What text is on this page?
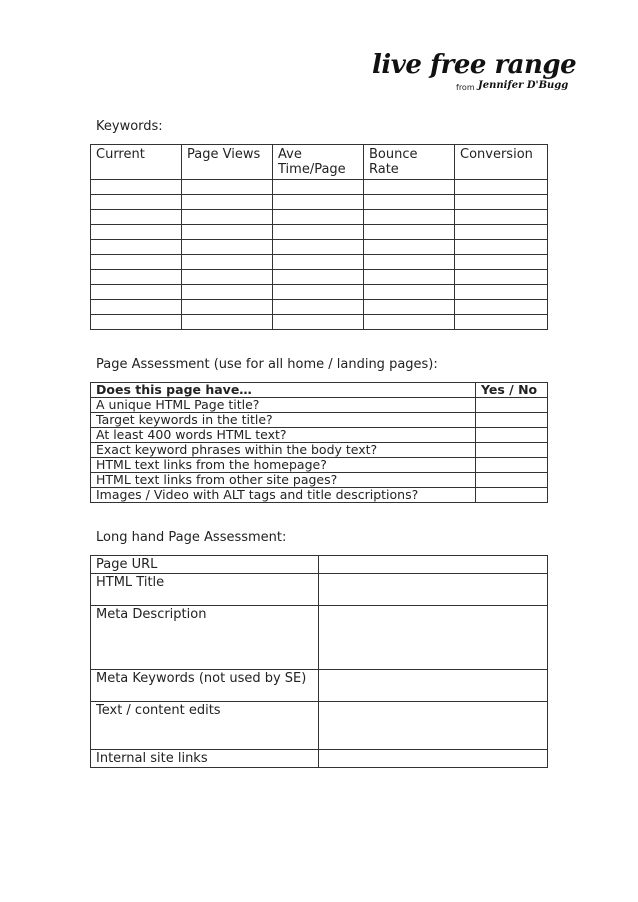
live free range
from Jennifer D'Bugg
Keywords:
Current	Page Views	Ave Time/Page	Bounce Rate	Conversion

Page Assessment (use for all home / landing pages):
Does this page have…	Yes / No
A unique HTML Page title?	
Target keywords in the title?	
At least 400 words HTML text?	
Exact keyword phrases within the body text?	
HTML text links from the homepage?	
HTML text links from other site pages?	
Images / Video with ALT tags and title descriptions?	
Long hand Page Assessment:
Page URL	
HTML Title	
Meta Description	
Meta Keywords (not used by SE)	
Text / content edits	
Internal site links	
